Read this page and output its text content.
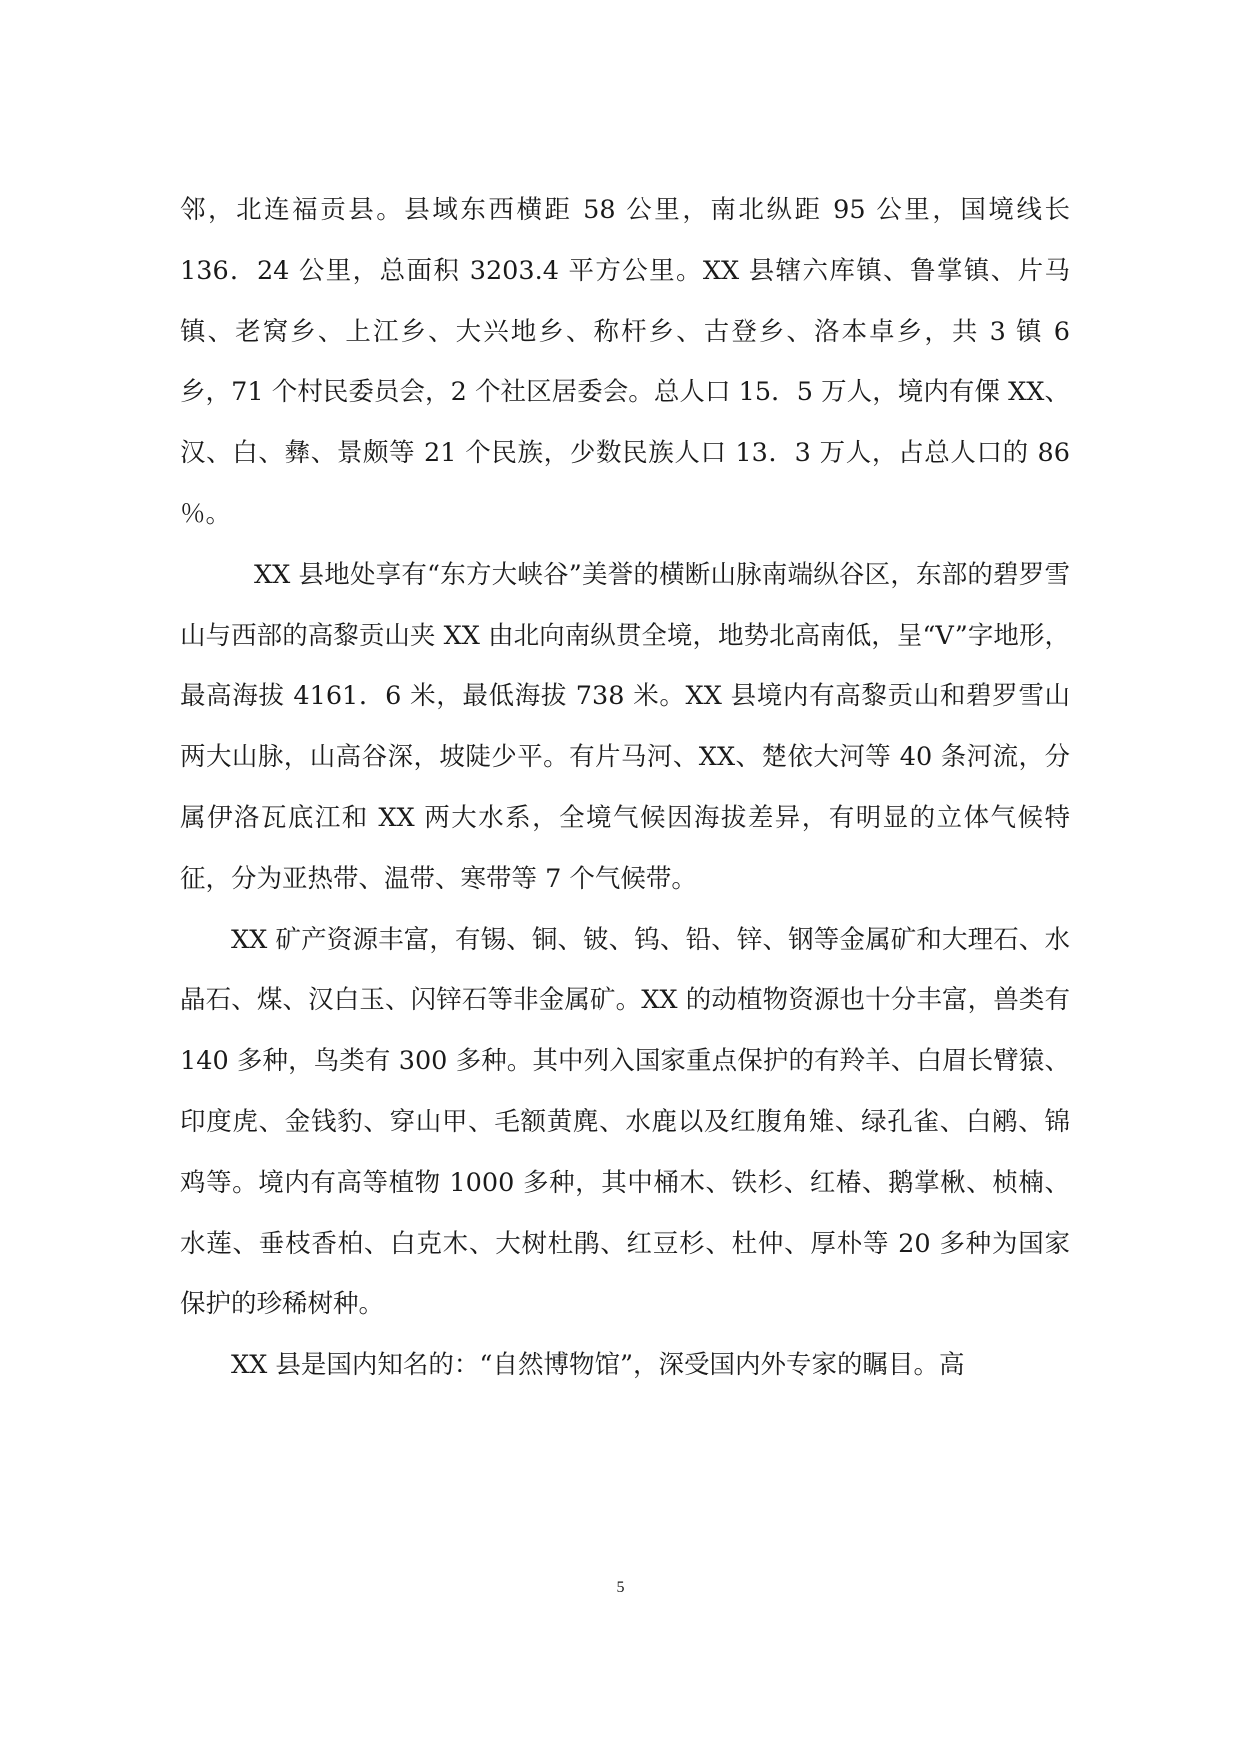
邻，北连福贡县。县域东西横距 58 公里，南北纵距 95 公里，国境线长 136．24 公里，总面积 3203.4 平方公里。XX 县辖六库镇、鲁掌镇、片马镇、老窝乡、上江乡、大兴地乡、称杆乡、古登乡、洛本卓乡，共 3 镇 6　乡，71 个村民委员会，2 个社区居委会。总人口 15．5 万人，境内有傈 XX、汉、白、彝、景颇等 21 个民族，少数民族人口 13．3 万人，占总人口的 86　％。

XX 县地处享有“东方大峡谷”美誉的横断山脉南端纵谷区，东部的碧罗雪山与西部的高黎贡山夹 XX 由北向南纵贯全境，地势北高南低，呈“V”字地形，最高海拔 4161．6 米，最低海拔 738 米。XX 县境内有高黎贡山和碧罗雪山两大山脉，山高谷深，坡陡少平。有片马河、XX、楚依大河等 40 条河流，分属伊洛瓦底江和 XX 两大水系，全境气候因海拔差异，有明显的立体气候特征，分为亚热带、温带、寒带等 7 个气候带。

XX 矿产资源丰富，有锡、铜、铍、钨、铅、锌、钢等金属矿和大理石、水晶石、煤、汉白玉、闪锌石等非金属矿。XX 的动植物资源也十分丰富，兽类有 140 多种，鸟类有 300 多种。其中列入国家重点保护的有羚羊、白眉长臂猿、印度虎、金钱豹、穿山甲、毛额黄麂、水鹿以及红腹角雉、绿孔雀、白鹇、锦鸡等。境内有高等植物 1000 多种，其中桶木、铁杉、红椿、鹅掌楸、桢楠、水莲、垂枝香柏、白克木、大树杜鹃、红豆杉、杜仲、厚朴等 20 多种为国家保护的珍稀树种。

XX 县是国内知名的：“自然博物馆”，深受国内外专家的瞩目。高

5
